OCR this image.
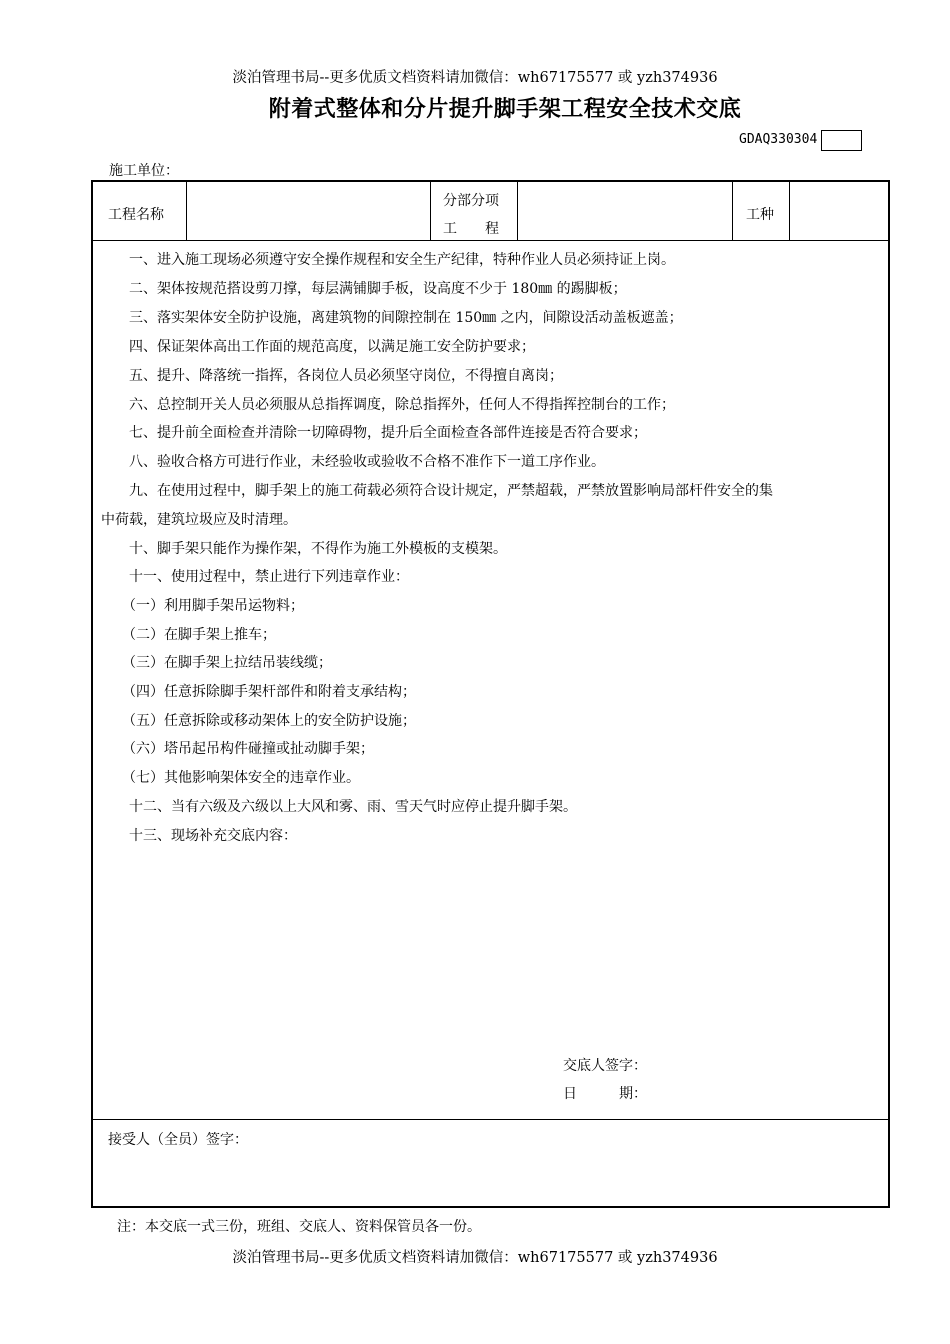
淡泊管理书局--更多优质文档资料请加微信：wh67175577 或 yzh374936
附着式整体和分片提升脚手架工程安全技术交底
GDAQ330304
施工单位：
工程名称
分部分项
工　　程
工种
　　一、进入施工现场必须遵守安全操作规程和安全生产纪律，特种作业人员必须持证上岗。
　　二、架体按规范搭设剪刀撑，每层满铺脚手板，设高度不少于 180㎜ 的踢脚板；
　　三、落实架体安全防护设施，离建筑物的间隙控制在 150㎜ 之内，间隙设活动盖板遮盖；
　　四、保证架体高出工作面的规范高度，以满足施工安全防护要求；
　　五、提升、降落统一指挥，各岗位人员必须坚守岗位，不得擅自离岗；
　　六、总控制开关人员必须服从总指挥调度，除总指挥外，任何人不得指挥控制台的工作；
　　七、提升前全面检查并清除一切障碍物，提升后全面检查各部件连接是否符合要求；
　　八、验收合格方可进行作业，未经验收或验收不合格不准作下一道工序作业。
　　九、在使用过程中，脚手架上的施工荷载必须符合设计规定，严禁超载，严禁放置影响局部杆件安全的集
中荷载，建筑垃圾应及时清理。
　　十、脚手架只能作为操作架，不得作为施工外模板的支模架。
　　十一、使用过程中，禁止进行下列违章作业：
　　（一）利用脚手架吊运物料；
　　（二）在脚手架上推车；
　　（三）在脚手架上拉结吊装线缆；
　　（四）任意拆除脚手架杆部件和附着支承结构；
　　（五）任意拆除或移动架体上的安全防护设施；
　　（六）塔吊起吊构件碰撞或扯动脚手架；
　　（七）其他影响架体安全的违章作业。
　　十二、当有六级及六级以上大风和雾、雨、雪天气时应停止提升脚手架。
　　十三、现场补充交底内容：
交底人签字：
日　　　期：
接受人（全员）签字：
注：本交底一式三份，班组、交底人、资料保管员各一份。
淡泊管理书局--更多优质文档资料请加微信：wh67175577 或 yzh374936
